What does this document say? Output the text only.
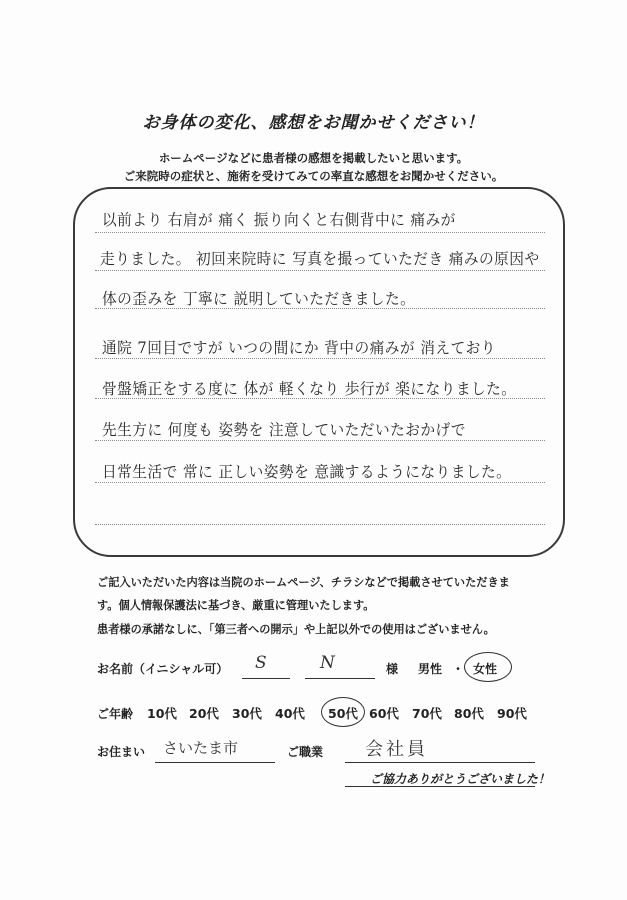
お身体の変化、感想をお聞かせください！
ホームページなどに患者様の感想を掲載したいと思います。
ご来院時の症状と、施術を受けてみての率直な感想をお聞かせください。
以前より 右肩が 痛く 振り向くと右側背中に 痛みが
走りました。 初回来院時に 写真を撮っていただき 痛みの原因や
体の歪みを 丁寧に 説明していただきました。
通院 7回目ですが いつの間にか 背中の痛みが 消えており
骨盤矯正をする度に 体が 軽くなり 歩行が 楽になりました。
先生方に 何度も 姿勢を 注意していただいたおかげで
日常生活で 常に 正しい姿勢を 意識するようになりました。
ご記入いただいた内容は当院のホームページ、チラシなどで掲載させていただきま
す。個人情報保護法に基づき、厳重に管理いたします。
患者様の承諾なしに、「第三者への開示」や上記以外での使用はございません。
お名前（イニシャル可） S	N	様 男性 ・ 女性
ご年齢 10代 20代 30代 40代 50代 60代 70代 80代 90代
お住まい さいたま市	ご職業 会社員
ご協力ありがとうございました！
